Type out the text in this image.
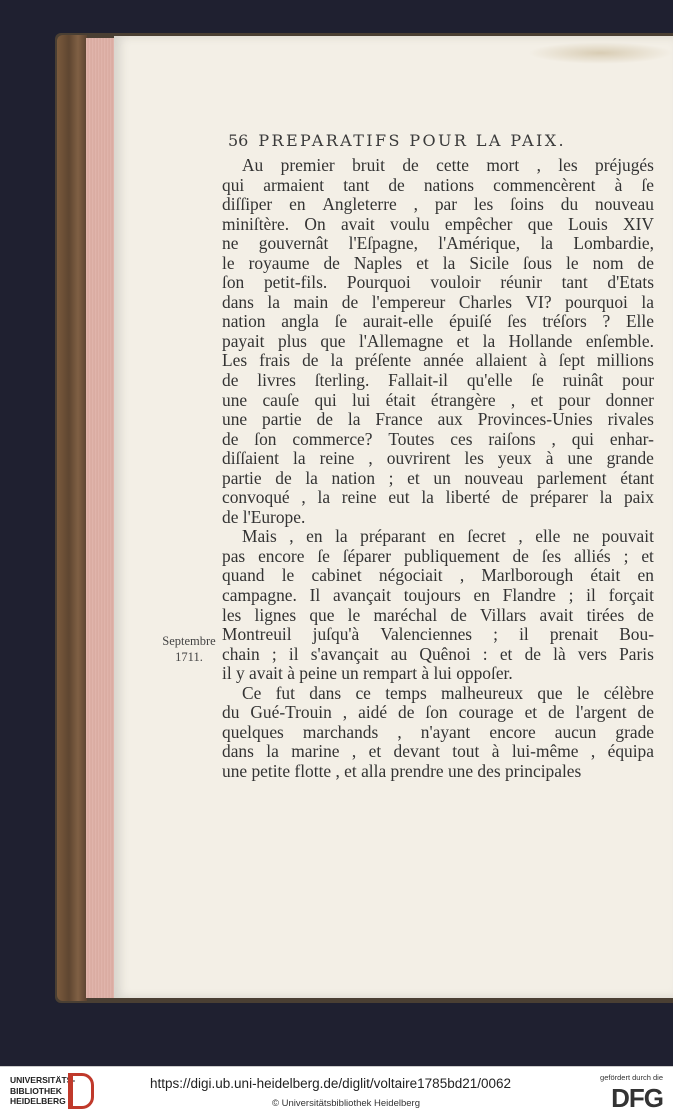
56 PREPARATIFS POUR LA PAIX.
Septembre
1711.
Au premier bruit de cette mort , les préjugés
qui armaient tant de nations commencèrent à ſe
diſſiper en Angleterre , par les ſoins du nouveau
miniſtère. On avait voulu empêcher que Louis XIV
ne gouvernât l'Eſpagne, l'Amérique, la Lombardie,
le royaume de Naples et la Sicile ſous le nom de
ſon petit-fils. Pourquoi vouloir réunir tant d'Etats
dans la main de l'empereur Charles VI? pourquoi la
nation angla ſe aurait-elle épuiſé ſes tréſors ? Elle
payait plus que l'Allemagne et la Hollande enſemble.
Les frais de la préſente année allaient à ſept millions
de livres ſterling. Fallait-il qu'elle ſe ruinât pour
une cauſe qui lui était étrangère , et pour donner
une partie de la France aux Provinces-Unies rivales
de ſon commerce? Toutes ces raiſons , qui enhar-
diſſaient la reine , ouvrirent les yeux à une grande
partie de la nation ; et un nouveau parlement étant
convoqué , la reine eut la liberté de préparer la paix
de l'Europe.
Mais , en la préparant en ſecret , elle ne pouvait
pas encore ſe ſéparer publiquement de ſes alliés ; et
quand le cabinet négociait , Marlborough était en
campagne. Il avançait toujours en Flandre ; il forçait
les lignes que le maréchal de Villars avait tirées de
Montreuil juſqu'à Valenciennes ; il prenait Bou-
chain ; il s'avançait au Quênoi : et de là vers Paris
il y avait à peine un rempart à lui oppoſer.
Ce fut dans ce temps malheureux que le célèbre
du Gué-Trouin , aidé de ſon courage et de l'argent de
quelques marchands , n'ayant encore aucun grade
dans la marine , et devant tout à lui-même , équipa
une petite flotte , et alla prendre une des principales
UNIVERSITÄTS- BIBLIOTHEK HEIDELBERG
https://digi.ub.uni-heidelberg.de/diglit/voltaire1785bd21/0062
© Universitätsbibliothek Heidelberg
gefördert durch die
DFG
